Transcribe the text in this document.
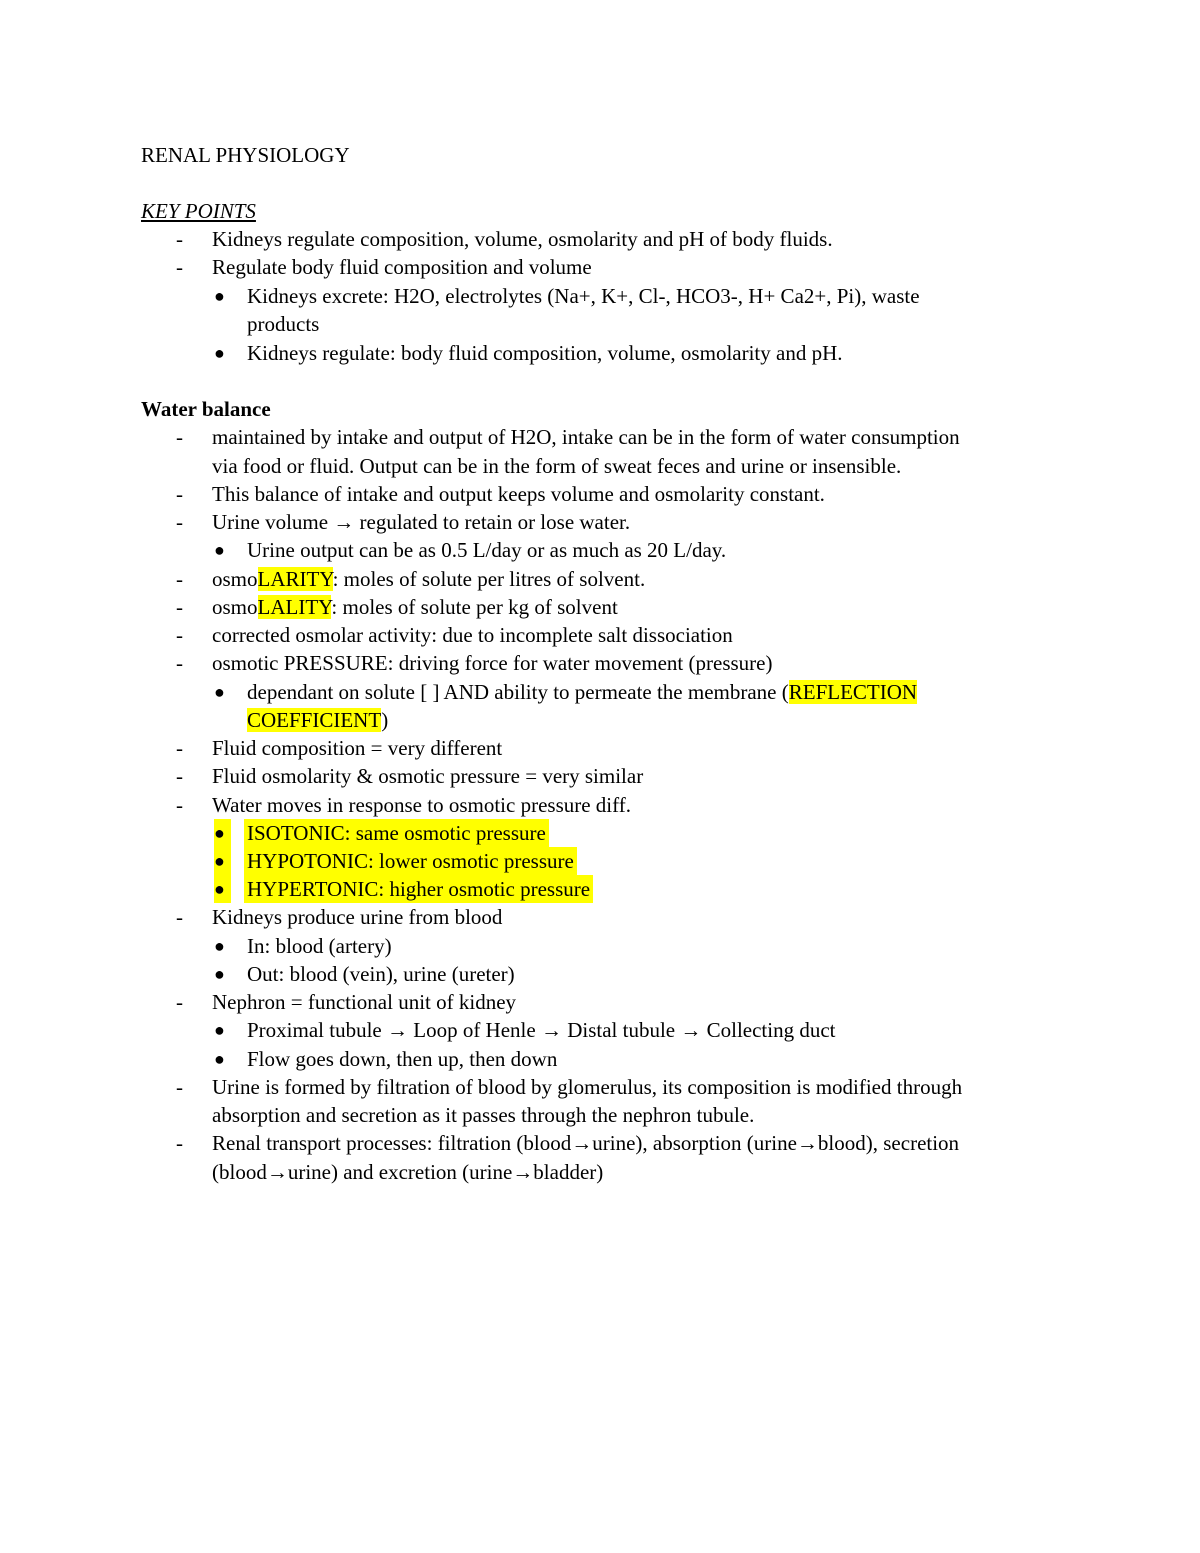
RENAL PHYSIOLOGY
KEY POINTS
- Kidneys regulate composition, volume, osmolarity and pH of body fluids.
- Regulate body fluid composition and volume
● Kidneys excrete: H2O, electrolytes (Na+, K+, Cl-, HCO3-, H+ Ca2+, Pi), waste
products
● Kidneys regulate: body fluid composition, volume, osmolarity and pH.
Water balance
- maintained by intake and output of H2O, intake can be in the form of water consumption
via food or fluid. Output can be in the form of sweat feces and urine or insensible.
- This balance of intake and output keeps volume and osmolarity constant.
- Urine volume → regulated to retain or lose water.
● Urine output can be as 0.5 L/day or as much as 20 L/day.
- osmoLARITY: moles of solute per litres of solvent.
- osmoLALITY: moles of solute per kg of solvent
- corrected osmolar activity: due to incomplete salt dissociation
- osmotic PRESSURE: driving force for water movement (pressure)
● dependant on solute [ ] AND ability to permeate the membrane (REFLECTION
COEFFICIENT)
- Fluid composition = very different
- Fluid osmolarity & osmotic pressure = very similar
- Water moves in response to osmotic pressure diff.
● ISOTONIC: same osmotic pressure
● HYPOTONIC: lower osmotic pressure
● HYPERTONIC: higher osmotic pressure
- Kidneys produce urine from blood
● In: blood (artery)
● Out: blood (vein), urine (ureter)
- Nephron = functional unit of kidney
● Proximal tubule → Loop of Henle → Distal tubule → Collecting duct
● Flow goes down, then up, then down
- Urine is formed by filtration of blood by glomerulus, its composition is modified through
absorption and secretion as it passes through the nephron tubule.
- Renal transport processes: filtration (blood→urine), absorption (urine→blood), secretion
(blood→urine) and excretion (urine→bladder)
